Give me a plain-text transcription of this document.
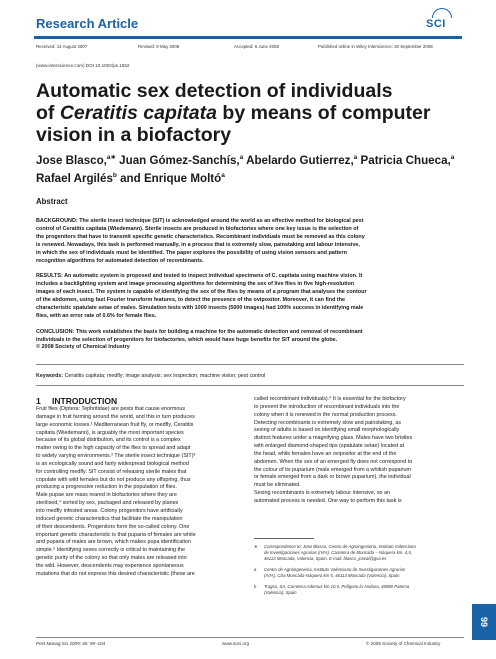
Research Article	SCI
Received: 14 August 2007	Revised: 9 May 2008	Accepted: 6 June 2008	Published online in Wiley Interscience: 30 September 2008
(www.interscience.com) DOI 10.1002/ps.1652
Automatic sex detection of individuals
of Ceratitis capitata by means of computer
vision in a biofactory
Jose Blasco,$^{a∗}$ Juan Gómez-Sanchís,$^a$ Abelardo Gutierrez,$^a$ Patricia Chueca,$^a$
Rafael Argilés$^b$ and Enrique Moltó$^a$
Abstract

BACKGROUND: The sterile insect technique (SIT) is acknowledged around the world as an effective method for biological pest
control of Ceratitis capitata (Wiedemann). Sterile insects are produced in biofactories where one key issue is the selection of
the progenitors that have to transmit specific genetic characteristics. Recombinant individuals must be removed as this colony
is renewed. Nowadays, this task is performed manually, in a process that is extremely slow, painstaking and labour intensive,
in which the sex of individuals must be identified. The paper explores the possibility of using vision sensors and pattern
recognition algorithms for automated detection of recombinants.

RESULTS: An automatic system is proposed and tested to inspect individual specimens of C. capitata using machine vision. It
includes a backlighting system and image processing algorithms for determining the sex of live flies in five high-resolution
images of each insect. The system is capable of identifying the sex of the flies by means of a program that analyses the contour
of the abdomen, using fast Fourier transform features, to detect the presence of the ovipositor. Moreover, it can find the
characteristic spatulate setae of males. Simulation tests with 1000 insects (5000 images) had 100% success in identifying male
flies, with an error rate of 0.6% for female flies.

CONCLUSION: This work establishes the basis for building a machine for the automatic detection and removal of recombinant
individuals in the selection of progenitors for biofactories, which would have huge benefits for SIT around the globe.
© 2008 Society of Chemical Industry

Keywords: Ceratitis capitata; medfly; image analysis; sex inspection; machine vision; pest control
1 INTRODUCTION
Fruit flies (Diptera: Tephritidae) are pests that cause enormous
damage in fruit farming around the world, and this in turn produces
large economic losses.¹ Mediterranean fruit fly, or medfly, Ceratitis
capitata (Wiedemann), is arguably the most important species
because of its global distribution, and its control is a complex
matter owing to the high capacity of the flies to spread and adapt
to widely varying environments.² The sterile insect technique (SIT)³
is an ecologically sound and fairly widespread biological method
for controlling medfly. SIT consist of releasing sterile males that
copulate with wild females but do not produce any offspring, thus
producing a progressive reduction in the population of flies.
Male pupae are mass reared in biofactories where they are
sterilised,⁴ sorted by sex, packaged and released by planes
into medfly infested areas. Colony progenitors have artificially
induced genetic characteristics that facilitate the manipulation
of their descendents. Progenitors form the so-called colony. One
important genetic characteristic is that puparia of females are white
and puparia of males are brown, which makes pupa identification
simple.⁵ Identifying sexes correctly is critical to maintaining the
genetic purity of the colony so that only males are released into
the wild. However, descendents may experience spontaneous
mutations that do not express this desired characteristic (these are
called recombinant individuals).⁶ It is essential for the biofactory
to prevent the introduction of recombinant individuals into the
colony when it is renewed in the normal production process.
Detecting recombinants is extremely slow and painstaking, as
sexing of adults is based on identifying small morphologically
distinct features under a magnifying glass. Males have two bristles
with enlarged diamond-shaped tips (spatulate setae) located at
the head, while females have an ovipositor at the end of the
abdomen. When the sex of an emerged fly does not correspond to
the colour of its puparium (male emerged from a whitish puparium
or female emerged from a dark or brown puparium), the individual
must be eliminated.
Sexing recombinants is extremely labour intensive, so an
automated process is needed. One way to perform this task is
∗ Correspondence to: Jose Blasco, Centro de Agroingenieria, Instituto Valenciano
de Investigaciones Agrarias (IVIA), Carretera de Moncada – Náquera km. 4,5,
46113 Moncada, Valencia, Spain. E-mail: blasco_josval@gva.es
a Centro de Agroingenieria, Instituto Valenciano de Investigaciones Agrarias
(IVIA), Ctra Moncada-Náquera km 5, 46113 Moncada (Valencia), Spain
b Tragsa, SA, Carretera Ademuz km 10.5, Polígono la Andana, 46980 Paterna
(Valencia), Spain
99
Pest Manag Sci 2009; 65: 99–104	www.soci.org	© 2008 Society of Chemical Industry
